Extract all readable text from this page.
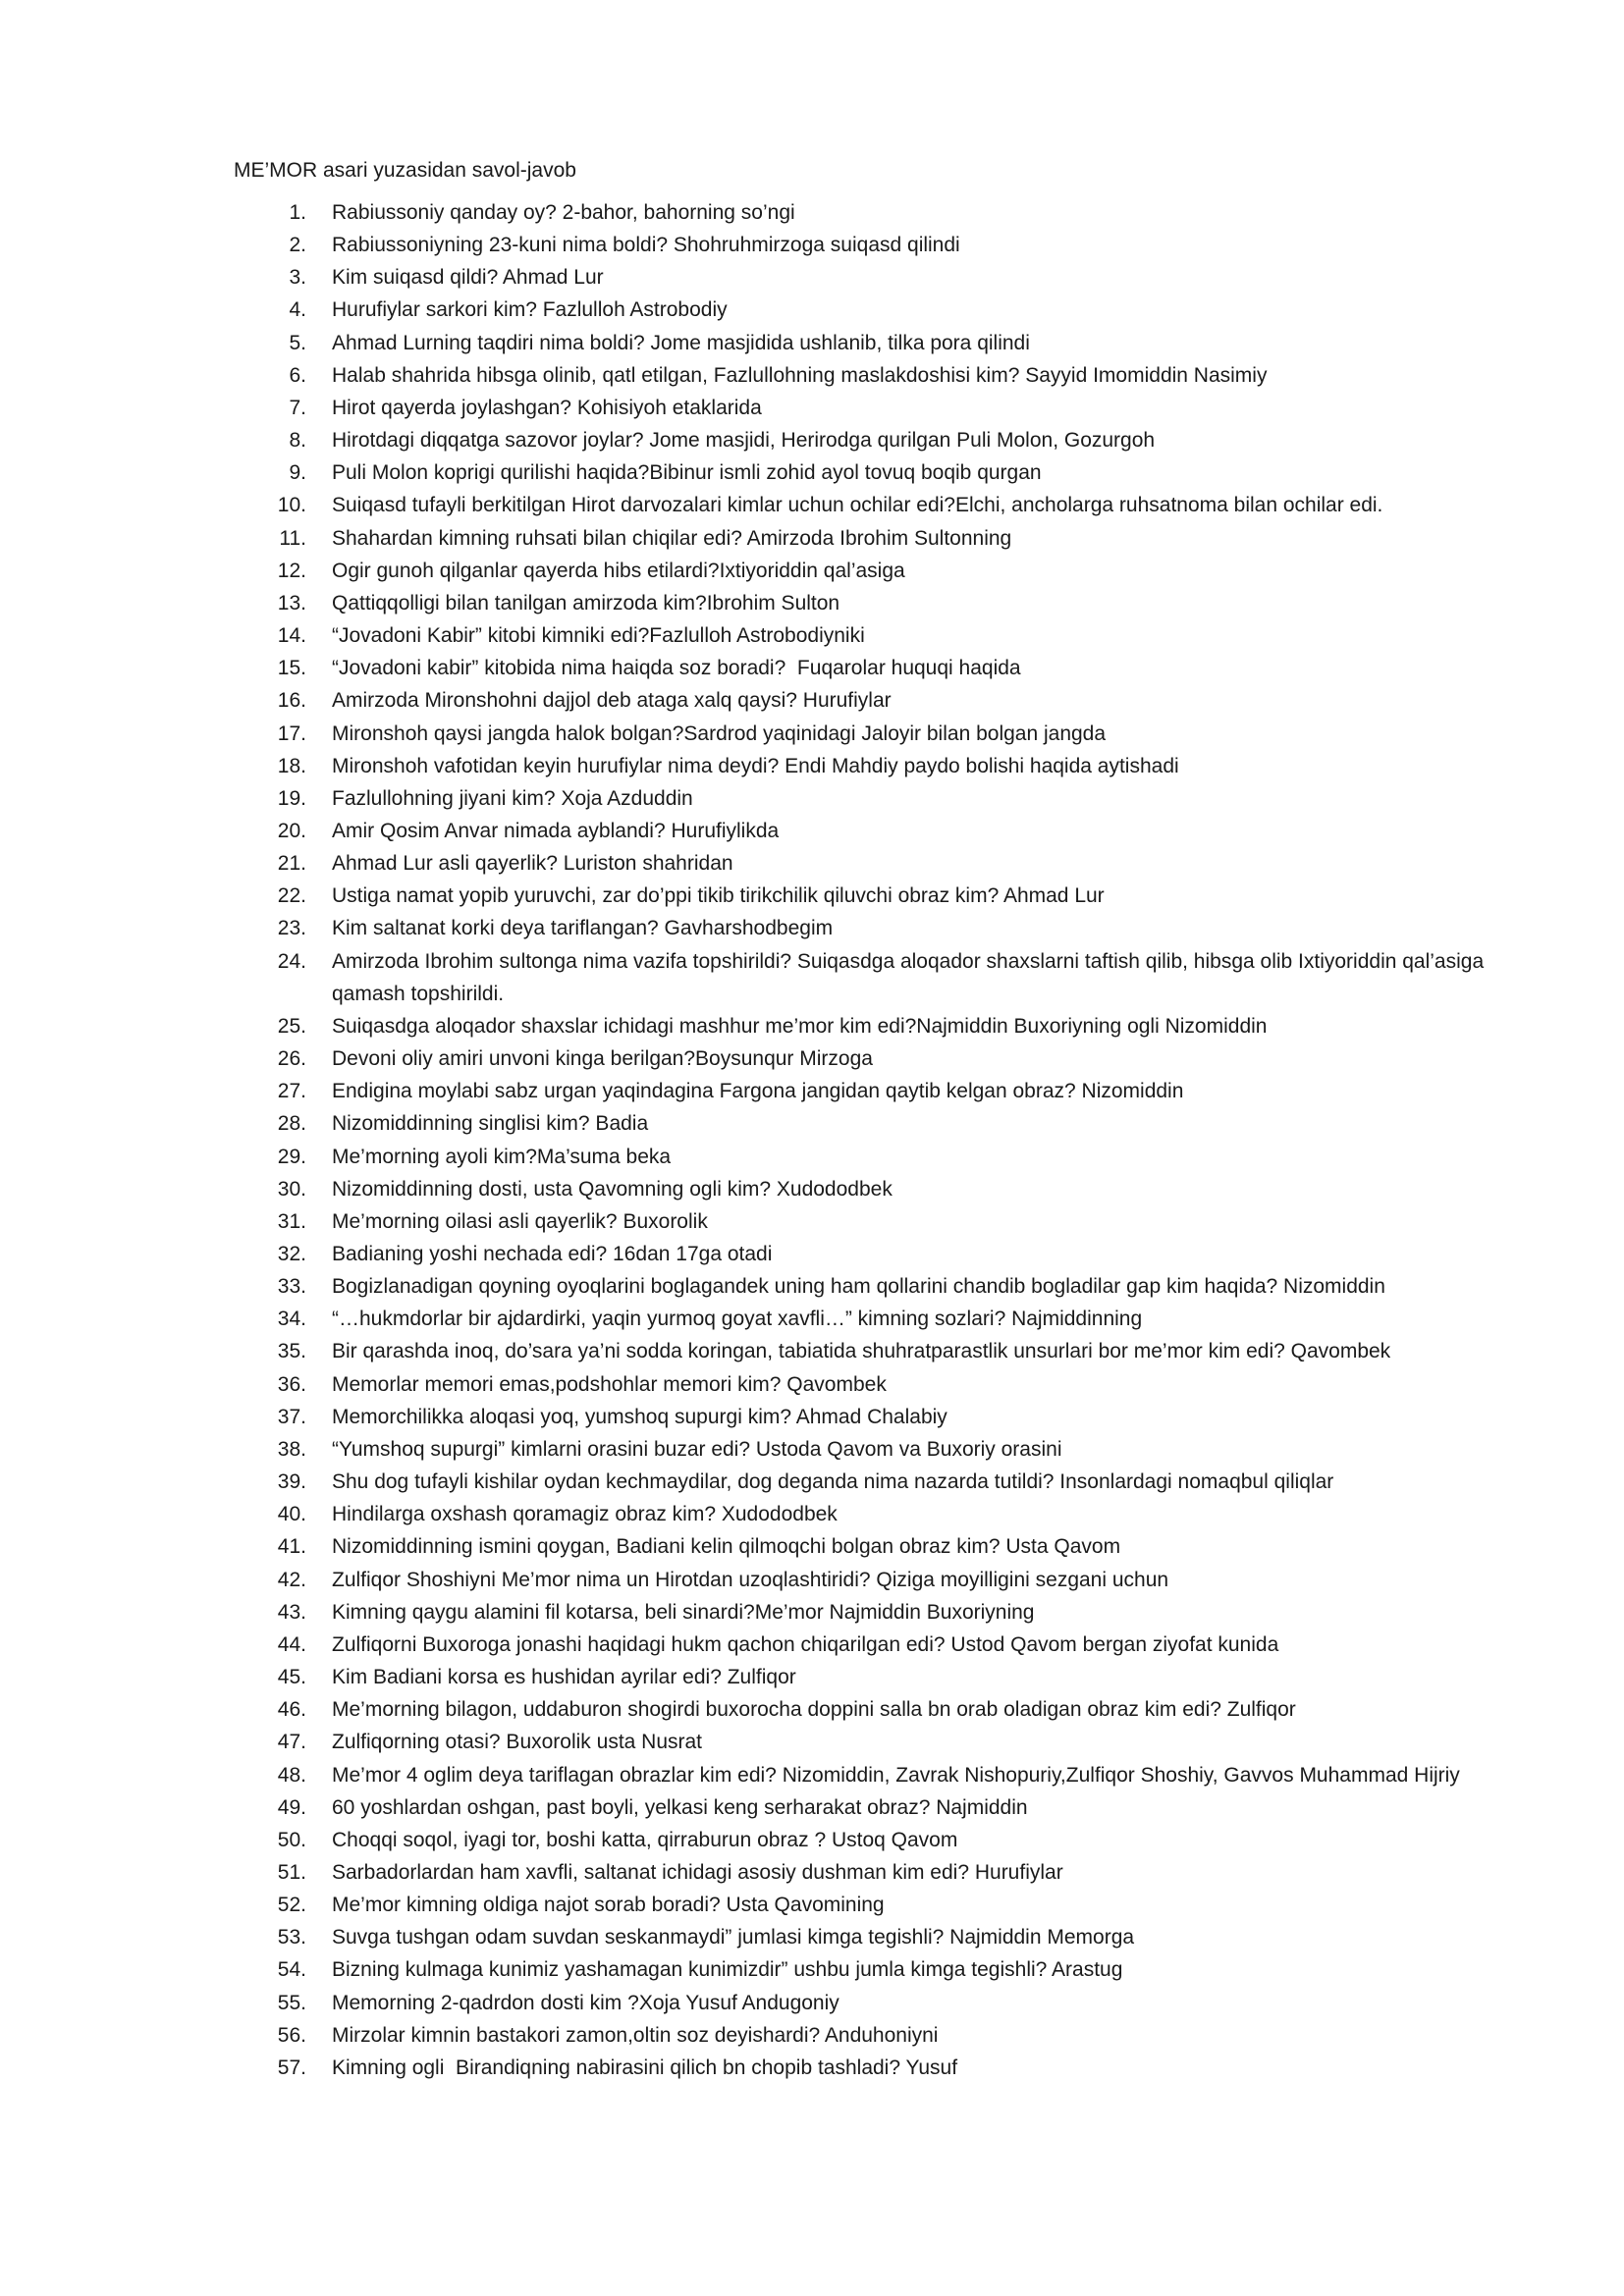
ME’MOR asari yuzasidan savol-javob
1.	Rabiussoniy qanday oy? 2-bahor, bahorning so’ngi
2.	Rabiussoniyning 23-kuni nima boldi? Shohruhmirzoga suiqasd qilindi
3.	Kim suiqasd qildi? Ahmad Lur
4.	Hurufiylar sarkori kim? Fazlulloh Astrobodiy
5.	Ahmad Lurning taqdiri nima boldi? Jome masjidida ushlanib, tilka pora qilindi
6.	Halab shahrida hibsga olinib, qatl etilgan, Fazlullohning maslakdoshisi kim? Sayyid Imomiddin Nasimiy
7.	Hirot qayerda joylashgan? Kohisiyoh etaklarida
8.	Hirotdagi diqqatga sazovor joylar? Jome masjidi, Herirodga qurilgan Puli Molon, Gozurgoh
9.	Puli Molon koprigi qurilishi haqida?Bibinur ismli zohid ayol tovuq boqib qurgan
10.	Suiqasd tufayli berkitilgan Hirot darvozalari kimlar uchun ochilar edi?Elchi, ancholarga ruhsatnoma bilan ochilar edi.
11.	Shahardan kimning ruhsati bilan chiqilar edi? Amirzoda Ibrohim Sultonning
12.	Ogir gunoh qilganlar qayerda hibs etilardi?Ixtiyoriddin qal’asiga
13.	Qattiqqolligi bilan tanilgan amirzoda kim?Ibrohim Sulton
14.	“Jovadoni Kabir” kitobi kimniki edi?Fazlulloh Astrobodiyniki
15.	“Jovadoni kabir” kitobida nima haiqda soz boradi?  Fuqarolar huquqi haqida
16.	Amirzoda Mironshohni dajjol deb ataga xalq qaysi? Hurufiylar
17.	Mironshoh qaysi jangda halok bolgan?Sardrod yaqinidagi Jaloyir bilan bolgan jangda
18.	Mironshoh vafotidan keyin hurufiylar nima deydi? Endi Mahdiy paydo bolishi haqida aytishadi
19.	Fazlullohning jiyani kim? Xoja Azduddin
20.	Amir Qosim Anvar nimada ayblandi? Hurufiylikda
21.	Ahmad Lur asli qayerlik? Luriston shahridan
22.	Ustiga namat yopib yuruvchi, zar do’ppi tikib tirikchilik qiluvchi obraz kim? Ahmad Lur
23.	Kim saltanat korki deya tariflangan? Gavharshodbegim
24.	Amirzoda Ibrohim sultonga nima vazifa topshirildi? Suiqasdga aloqador shaxslarni taftish qilib, hibsga olib Ixtiyoriddin qal’asiga qamash topshirildi.
25.	Suiqasdga aloqador shaxslar ichidagi mashhur me’mor kim edi?Najmiddin Buxoriyning ogli Nizomiddin
26.	Devoni oliy amiri unvoni kinga berilgan?Boysunqur Mirzoga
27.	Endigina moylabi sabz urgan yaqindagina Fargona jangidan qaytib kelgan obraz? Nizomiddin
28.	Nizomiddinning singlisi kim? Badia
29.	Me’morning ayoli kim?Ma’suma beka
30.	Nizomiddinning dosti, usta Qavomning ogli kim? Xudododbek
31.	Me’morning oilasi asli qayerlik? Buxorolik
32.	Badianing yoshi nechada edi? 16dan 17ga otadi
33.	Bogizlanadigan qoyning oyoqlarini boglagandek uning ham qollarini chandib bogladilar gap kim haqida? Nizomiddin
34.	“…hukmdorlar bir ajdardirki, yaqin yurmoq goyat xavfli…” kimning sozlari? Najmiddinning
35.	Bir qarashda inoq, do’sara ya’ni sodda koringan, tabiatida shuhratparastlik unsurlari bor me’mor kim edi? Qavombek
36.	Memorlar memori emas,podshohlar memori kim? Qavombek
37.	Memorchilikka aloqasi yoq, yumshoq supurgi kim? Ahmad Chalabiy
38.	“Yumshoq supurgi” kimlarni orasini buzar edi? Ustoda Qavom va Buxoriy orasini
39.	Shu dog tufayli kishilar oydan kechmaydilar, dog deganda nima nazarda tutildi? Insonlardagi nomaqbul qiliqlar
40.	Hindilarga oxshash qoramagiz obraz kim? Xudododbek
41.	Nizomiddinning ismini qoygan, Badiani kelin qilmoqchi bolgan obraz kim? Usta Qavom
42.	Zulfiqor Shoshiyni Me’mor nima un Hirotdan uzoqlashtiridi? Qiziga moyilligini sezgani uchun
43.	Kimning qaygu alamini fil kotarsa, beli sinardi?Me’mor Najmiddin Buxoriyning
44.	Zulfiqorni Buxoroga jonashi haqidagi hukm qachon chiqarilgan edi? Ustod Qavom bergan ziyofat kunida
45.	Kim Badiani korsa es hushidan ayrilar edi? Zulfiqor
46.	Me’morning bilagon, uddaburon shogirdi buxorocha doppini salla bn orab oladigan obraz kim edi? Zulfiqor
47.	Zulfiqorning otasi? Buxorolik usta Nusrat
48.	Me’mor 4 oglim deya tariflagan obrazlar kim edi? Nizomiddin, Zavrak Nishopuriy,Zulfiqor Shoshiy, Gavvos Muhammad Hijriy
49.	60 yoshlardan oshgan, past boyli, yelkasi keng serharakat obraz? Najmiddin
50.	Choqqi soqol, iyagi tor, boshi katta, qirraburun obraz ? Ustoq Qavom
51.	Sarbadorlardan ham xavfli, saltanat ichidagi asosiy dushman kim edi? Hurufiylar
52.	Me’mor kimning oldiga najot sorab boradi? Usta Qavomining
53.	Suvga tushgan odam suvdan seskanmaydi” jumlasi kimga tegishli? Najmiddin Memorga
54.	Bizning kulmaga kunimiz yashamagan kunimizdir” ushbu jumla kimga tegishli? Arastug
55.	Memorning 2-qadrdon dosti kim ?Xoja Yusuf Andugoniy
56.	Mirzolar kimnin bastakori zamon,oltin soz deyishardi? Anduhoniyni
57.	Kimning ogli  Birandiqning nabirasini qilich bn chopib tashladi? Yusuf
